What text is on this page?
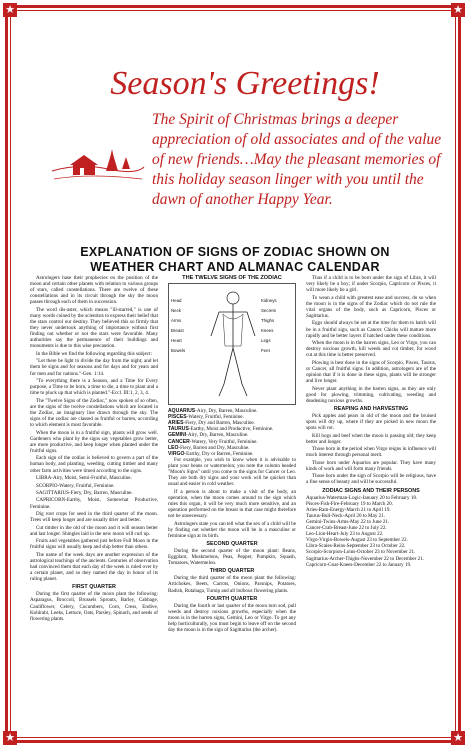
★	★
★	★
Season's Greetings!
The Spirit of Christmas brings a deeper appreciation of old associates and of the value of new friends…May the pleasant memories of this holiday season linger with you until the dawn of another Happy Year.
EXPLANATION OF SIGNS OF ZODIAC SHOWN ON
WEATHER CHART AND ALMANAC CALENDAR

Astrologers base their prophecies on the position of the moon and certain other planets with relation to various groups of stars, called constellations. There are twelve of these constellations and in its circuit through the sky the moon passes through each of them in succession.

The word dis-aster, which means "ill-starred," is one of many words coined by the scientists to express their belief that the stars control our destiny. They believed this so firmly that they never undertook anything of importance without first finding out whether or not the stars were favorable. Many authorities say the permanence of their buildings and monuments is due to this wise precaution.

In the Bible we find the following regarding this subject:

"Let there be light to divide the day from the night; and let them be signs and for seasons and for days and for years and for men and for nations."-Gen. 1:14.

"To everything there is a Season, and a Time for Every purpose, a Time to be born, a time to die, a time to plant and a time to pluck up that which is planted."-Eccl. III:1, 2, 3, 4.

The "Twelve Signs of the Zodiac," now spoken of so often, are the signs of the twelve constellations which are located in the Zodiac, an imaginary line drawn through the sky. The signs of the zodiac are classed as fruitful or barren, according to which element is most favorable.

When the moon is in a fruitful sign, plants will grow well. Gardeners who plant by the signs say vegetables grow better, are more productive, and keep longer when planted under the fruitful signs.

Each sign of the zodiac is believed to govern a part of the human body, and planting, weeding, cutting timber and many other farm activities were timed according to the signs.

LIBRA-Airy, Moist, Semi-Fruitful, Masculine.

SCORPIO-Watery, Fruitful, Feminine.

SAGITTARIUS-Fiery, Dry, Barren, Masculine.

CAPRICORN-Earthy, Moist, Somewhat Productive, Feminine.

Dig root crops for seed in the third quarter of the moon. Trees will keep longer and are usually drier and better.

Cut timber in the old of the moon and it will season better and last longer. Shingles laid in the new moon will curl up.

Fruits and vegetables gathered just before Full Moon in the fruitful signs will usually keep and ship better than others.

The name of the week days are another expression of the astrological teachings of the ancients. Centuries of observation had convinced them that each day of the week is ruled over by a certain planet, and so they named the day in honor of its ruling planet.

FIRST QUARTER

During the first quarter of the moon plant the following: Asparagus, Broccoli, Brussels Sprouts, Barley, Cabbage, Cauliflower, Celery, Cucumbers, Corn, Cress, Endive, Kohlrabi, Leeks, Lettuce, Oats, Parsley, Spinach, and seeds of flowering plants.

THE TWELVE SIGNS OF THE ZODIAC
Head
Neck
Arms
Breast
Heart
Bowels
Kidneys
Secrets
Thighs
Knees
Legs
Feet
AQUARIUS-Airy, Dry, Barren, Masculine.
PISCES-Watery, Fruitful, Feminine.
ARIES-Fiery, Dry and Barren, Masculine.
TAURUS-Earthy, Moist and Productive, Feminine.
GEMINI-Airy, Dry, Barren, Masculine.
CANCER-Watery, Very Fruitful, Feminine.
LEO-Fiery, Barren and Dry, Masculine.
VIRGO-Earthy, Dry or Barren, Feminine.

For example, you wish to know when it is advisable to plant your beans or watermelon; you note the column headed "Moon's Signs" until you come to the signs for Cancer or Leo. They are both dry signs and your work will be quicker than usual and easier in cold weather.

If a person is about to make a visit of the body, an operation, when the moon comes around to the sign which rules this organ, it will be very much more sensitive, and an operation performed on the breast in that case might therefore not be unnecessary.

Astrologers state you can tell what the sex of a child will be by finding out whether the moon will be in a masculine or feminine sign at its birth.

SECOND QUARTER

During the second quarter of the moon plant: Beans, Eggplant, Muskmelons, Peas, Pepper, Pumpkin, Squash, Tomatoes, Watermelon.

THIRD QUARTER

During the third quarter of the moon plant the following: Artichokes, Beets, Carrots, Onions, Parsnips, Potatoes, Radish, Rutabaga, Turnip and all bulbous flowering plants.

FOURTH QUARTER

During the fourth or last quarter of the moon turn sod, pull weeds and destroy noxious growths, especially when the moon is in the barren signs, Gemini, Leo or Virgo. To get any help horticulturally, you must begin to leave off on the second day the moon is in the sign of Sagittarius (the archer).

Thus if a child is to be born under the sign of Libra, it will very likely be a boy; if under Scorpio, Capricorn or Pisces, it will more likely be a girl.

To wean a child with greatest ease and success, do so when the moon is in the signs of the Zodiac which do not rule the vital organs of the body, such as Capricorn, Pisces or Sagittarius.

Eggs should always be set at the time for them to hatch will be in a fruitful sign, such as Cancer. Chicks will mature more rapidly and be better layers if hatched under these conditions.

When the moon is in the barren signs, Leo or Virgo, you can destroy noxious growth, kill weeds and cut timber, for wood cut at this time is better preserved.

Plowing is best done in the signs of Scorpio, Pisces, Taurus, or Cancer, all fruitful signs. In addition, astrologers are of the opinion that if it is done in these signs, plants will be stronger and live longer.

Never plant anything in the barren signs, as they are only good for plowing, trimming, cultivating, weeding and deadening noxious growths.

REAPING AND HARVESTING

Pick apples and pears in old of the moon and the bruised spots will dry up, where if they are picked in new moon the spots will rot.

Kill hogs and beef when the moon is passing old; they keep better and longer.

Those born in the period when Virgo reigns in influence will much interest through personal merit.

Those born under Aquarius are popular. They have many kinds of work and will form many friends.

Those born under the sign of Scorpio will be religious, have a fine sense of beauty and will be successful.

ZODIAC SIGNS AND THEIR PERSONS
Aquarius-Waterman-Logic-January 20 to February 18.
Pisces-Fish-Fire-February 19 to March 20.
Aries-Ram-Energy-March 21 to April 19.
Taurus-Bull-Neck-April 20 to May 21.
Gemini-Twins-Arms-May 22 to June 21.
Cancer-Crab-Breast-June 22 to July 22.
Leo-Lion-Heart-July 23 to August 22.
Virgo-Virgin-Bowels-August 23 to September 22.
Libra-Scales-Reins-September 23 to October 22.
Scorpio-Scorpion-Loins-October 23 to November 21.
Sagittarius-Archer-Thighs-November 22 to December 21.
Capricorn-Goat-Knees-December 22 to January 19.
